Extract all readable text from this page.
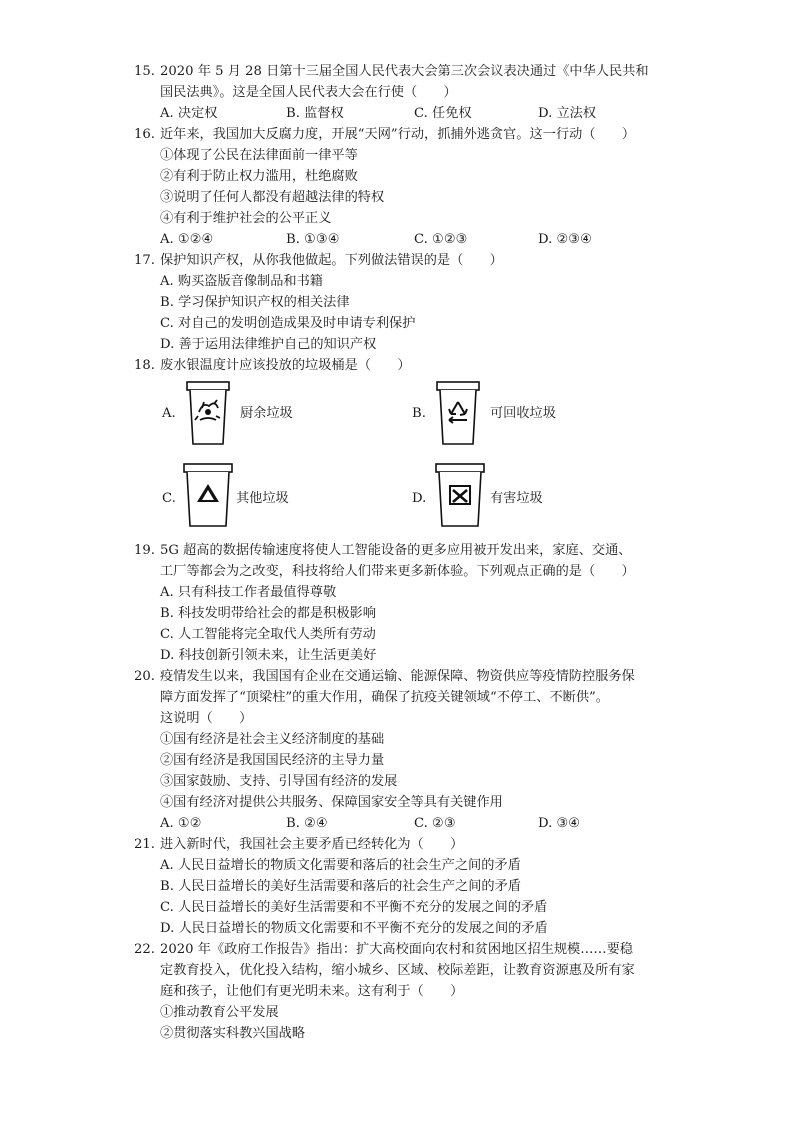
15. 2020 年 5 月 28 日第十三届全国人民代表大会第三次会议表决通过《中华人民共和
国民法典》。这是全国人民代表大会在行使（　　）
A. 决定权	B. 监督权	C. 任免权	D. 立法权
16. 近年来，我国加大反腐力度，开展“天网”行动，抓捕外逃贪官。这一行动（　　）
①体现了公民在法律面前一律平等
②有利于防止权力滥用，杜绝腐败
③说明了任何人都没有超越法律的特权
④有利于维护社会的公平正义
A. ①②④	B. ①③④	C. ①②③	D. ②③④
17. 保护知识产权，从你我他做起。下列做法错误的是（　　）
A. 购买盗版音像制品和书籍
B. 学习保护知识产权的相关法律
C. 对自己的发明创造成果及时申请专利保护
D. 善于运用法律维护自己的知识产权
18. 废水银温度计应该投放的垃圾桶是（　　）
A.	厨余垃圾	B.	可回收垃圾
C.	其他垃圾	D.	有害垃圾
19. 5G 超高的数据传输速度将使人工智能设备的更多应用被开发出来，家庭、交通、
工厂等都会为之改变，科技将给人们带来更多新体验。下列观点正确的是（　　）
A. 只有科技工作者最值得尊敬
B. 科技发明带给社会的都是积极影响
C. 人工智能将完全取代人类所有劳动
D. 科技创新引领未来，让生活更美好
20. 疫情发生以来，我国国有企业在交通运输、能源保障、物资供应等疫情防控服务保
障方面发挥了“顶梁柱”的重大作用，确保了抗疫关键领域“不停工、不断供”。
这说明（　　）
①国有经济是社会主义经济制度的基础
②国有经济是我国国民经济的主导力量
③国家鼓励、支持、引导国有经济的发展
④国有经济对提供公共服务、保障国家安全等具有关键作用
A. ①②	B. ②④	C. ②③	D. ③④
21. 进入新时代，我国社会主要矛盾已经转化为（　　）
A. 人民日益增长的物质文化需要和落后的社会生产之间的矛盾
B. 人民日益增长的美好生活需要和落后的社会生产之间的矛盾
C. 人民日益增长的美好生活需要和不平衡不充分的发展之间的矛盾
D. 人民日益增长的物质文化需要和不平衡不充分的发展之间的矛盾
22. 2020 年《政府工作报告》指出：扩大高校面向农村和贫困地区招生规模……要稳
定教育投入，优化投入结构，缩小城乡、区域、校际差距，让教育资源惠及所有家
庭和孩子，让他们有更光明未来。这有利于（　　）
①推动教育公平发展
②贯彻落实科教兴国战略
